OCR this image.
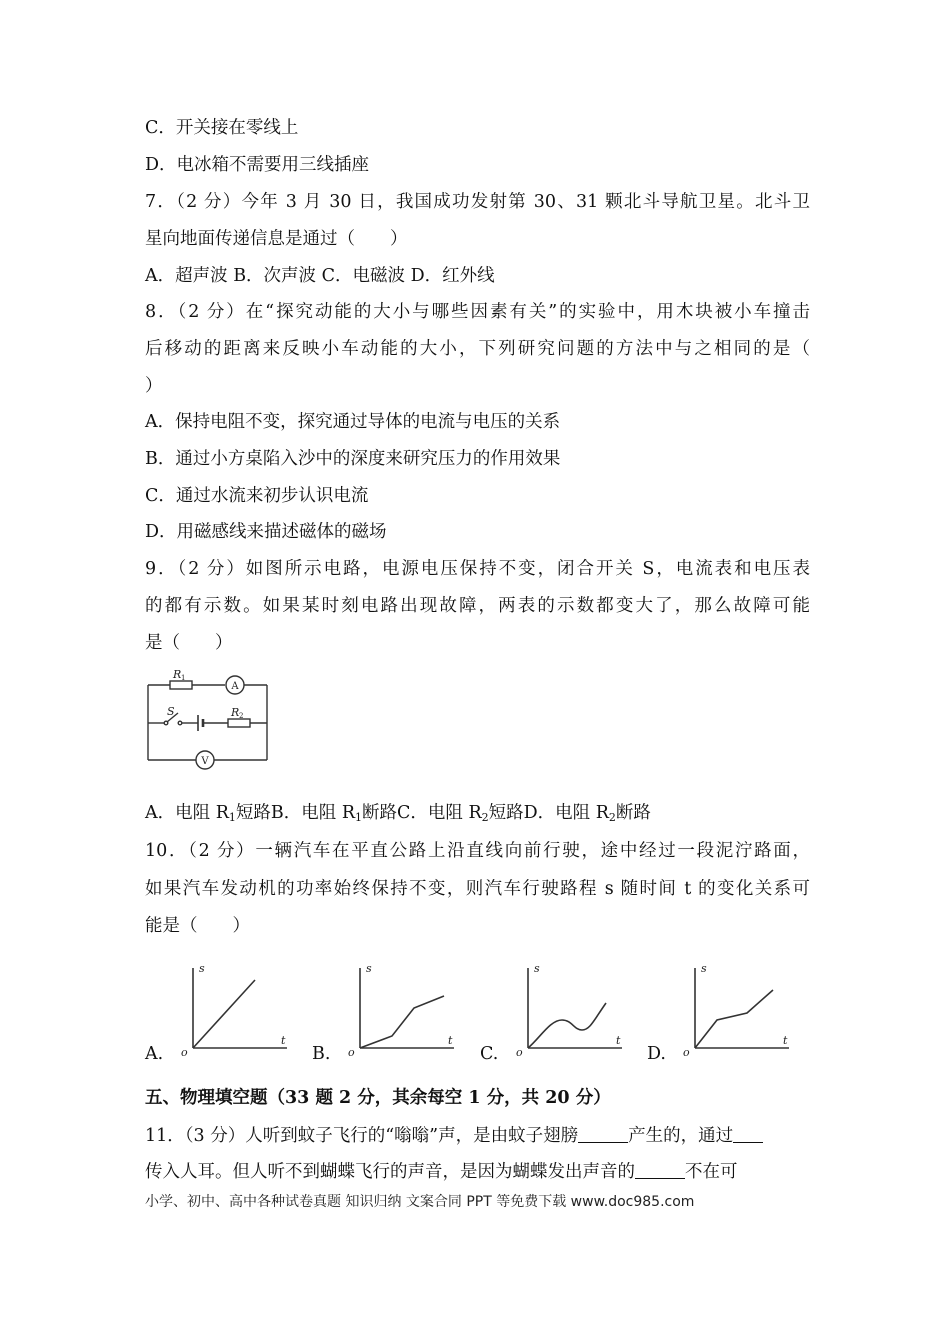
C．开关接在零线上
D．电冰箱不需要用三线插座
7．（2 分）今年 3 月 30 日，我国成功发射第 30、31 颗北斗导航卫星。北斗卫
星向地面传递信息是通过（　　）
A．超声波 B．次声波 C．电磁波 D．红外线
8．（2 分）在“探究动能的大小与哪些因素有关”的实验中，用木块被小车撞击
后移动的距离来反映小车动能的大小，下列研究问题的方法中与之相同的是（
）
A．保持电阻不变，探究通过导体的电流与电压的关系
B．通过小方桌陷入沙中的深度来研究压力的作用效果
C．通过水流来初步认识电流
D．用磁感线来描述磁体的磁场
9．（2 分）如图所示电路，电源电压保持不变，闭合开关 S，电流表和电压表
的都有示数。如果某时刻电路出现故障，两表的示数都变大了，那么故障可能
是（　　）
R 1
S	R 2
A
V
A．电阻 $R_1$短路B．电阻 $R_1$断路C．电阻 $R_2$短路D．电阻 $R_2$断路
10．（2 分）一辆汽车在平直公路上沿直线向前行驶，途中经过一段泥泞路面，
如果汽车发动机的功率始终保持不变，则汽车行驶路程 s 随时间 t 的变化关系可
能是（　　）
A.	B.	C.	D.
s
t
o
s
t
o
s
t
o
s
t
o
五、物理填空题（33 题 2 分，其余每空 1 分，共 20 分）
11．（3 分）人听到蚊子飞行的“嗡嗡”声，是由蚊子翅膀	产生的，通过
传入人耳。但人听不到蝴蝶飞行的声音，是因为蝴蝶发出声音的	不在可
小学、初中、高中各种试卷真题 知识归纳 文案合同 PPT 等免费下载 www.doc985.com
